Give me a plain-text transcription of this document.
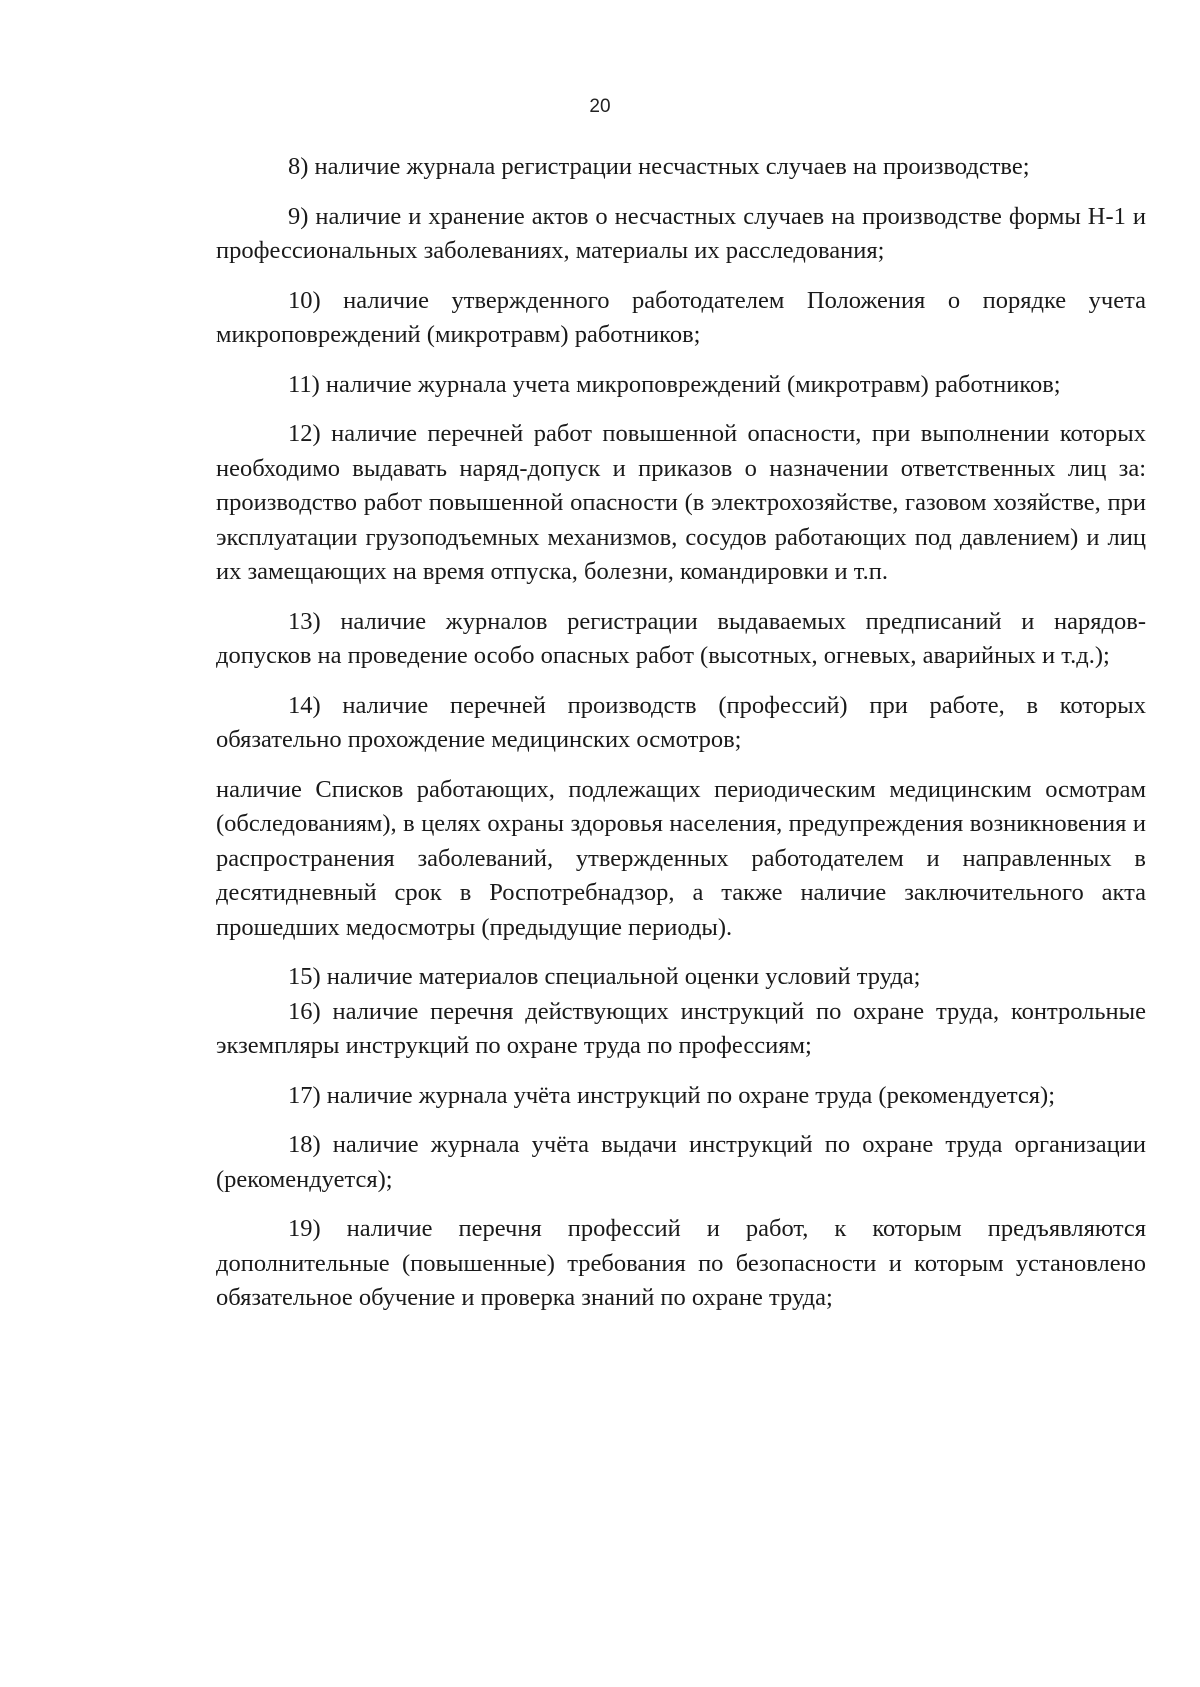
20

8) наличие журнала регистрации несчастных случаев на производстве;

9) наличие и хранение актов о несчастных случаев на производстве формы Н-1 и профессиональных заболеваниях, материалы их расследования;

10) наличие утвержденного работодателем Положения о порядке учета микроповреждений (микротравм) работников;

11) наличие журнала учета микроповреждений (микротравм) работников;

12) наличие перечней работ повышенной опасности, при выполнении которых необходимо выдавать наряд-допуск и приказов о назначении ответственных лиц за: производство работ повышенной опасности (в электрохозяйстве, газовом хозяйстве, при эксплуатации грузоподъемных механизмов, сосудов работающих под давлением) и лиц их замещающих на время отпуска, болезни, командировки и т.п.

13) наличие журналов регистрации выдаваемых предписаний и нарядов-допусков на проведение особо опасных работ (высотных, огневых, аварийных и т.д.);

14) наличие перечней производств (профессий) при работе, в которых обязательно прохождение медицинских осмотров;

наличие Списков работающих, подлежащих периодическим медицинским осмотрам (обследованиям), в целях охраны здоровья населения, предупреждения возникновения и распространения заболеваний, утвержденных работодателем и направленных в десятидневный срок в Роспотребнадзор, а также наличие заключительного акта прошедших медосмотры (предыдущие периоды).

15) наличие материалов специальной оценки условий труда;

16) наличие перечня действующих инструкций по охране труда, контрольные экземпляры инструкций по охране труда по профессиям;

17) наличие журнала учёта инструкций по охране труда (рекомендуется);

18) наличие журнала учёта выдачи инструкций по охране труда организации (рекомендуется);

19) наличие перечня профессий и работ, к которым предъявляются дополнительные (повышенные) требования по безопасности и которым установлено обязательное обучение и проверка знаний по охране труда;
